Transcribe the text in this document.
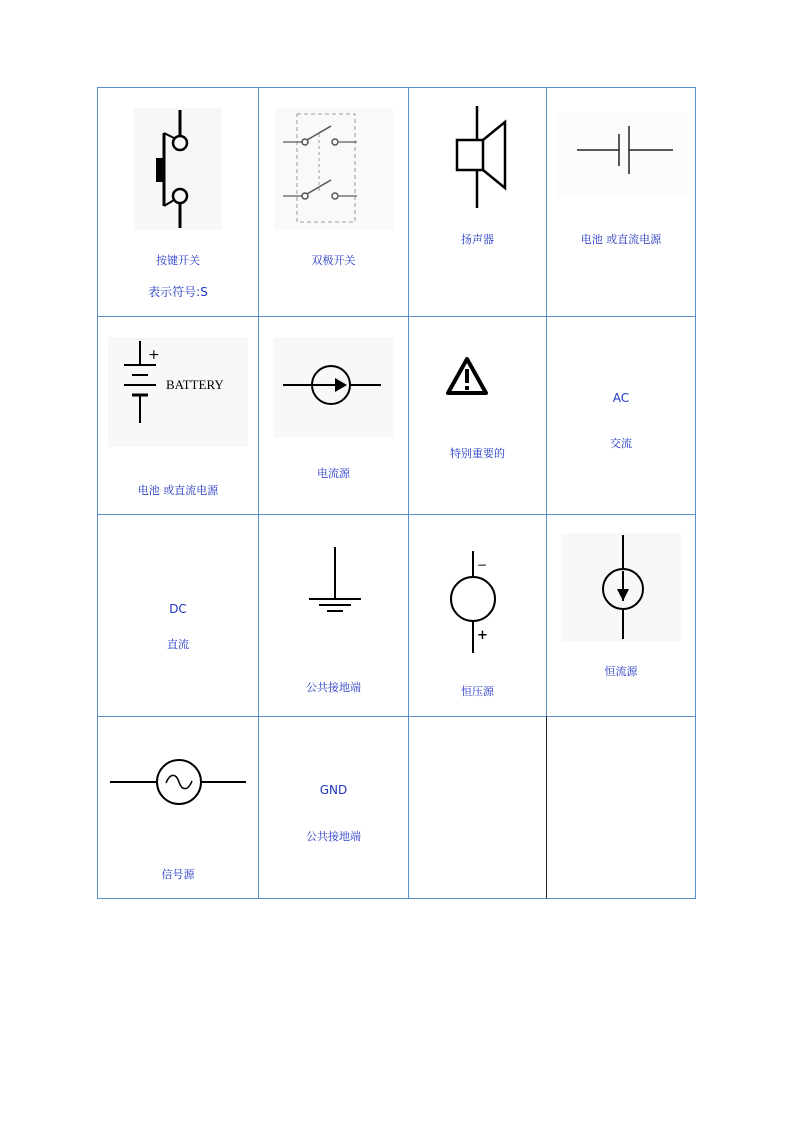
按键开关
表示符号:S
双极开关
扬声器	电池 或直流电源
+
BATTERY
电池 或直流电源
电流源
特别重要的
AC
交流
DC
直流
公共接地端
−
+
恒压源
恒流源
信号源
GND
公共接地端
